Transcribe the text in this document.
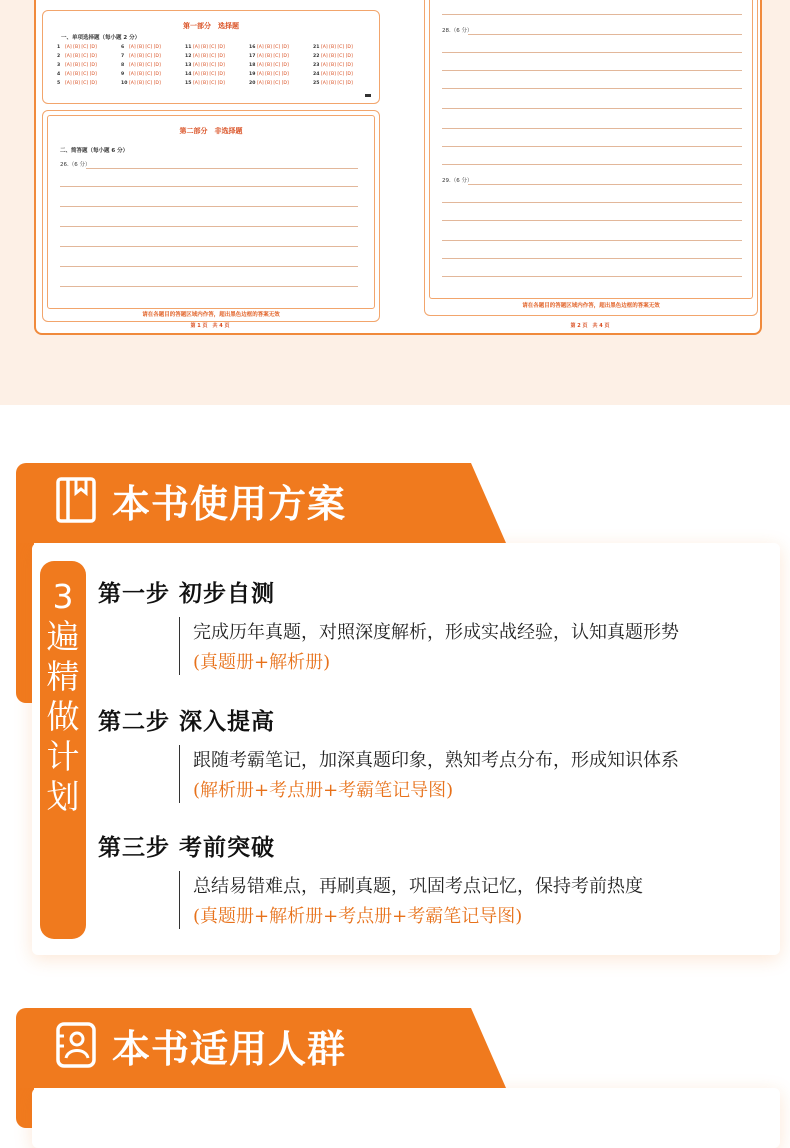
第一部分　选择题
一、单项选择题（每小题 2 分）
1 [A] [B] [C] [D]
2 [A] [B] [C] [D]
3 [A] [B] [C] [D]
4 [A] [B] [C] [D]
5 [A] [B] [C] [D]
6 [A] [B] [C] [D]
7 [A] [B] [C] [D]
8 [A] [B] [C] [D]
9 [A] [B] [C] [D]
10 [A] [B] [C] [D]
11 [A] [B] [C] [D]
12 [A] [B] [C] [D]
13 [A] [B] [C] [D]
14 [A] [B] [C] [D]
15 [A] [B] [C] [D]
16 [A] [B] [C] [D]
17 [A] [B] [C] [D]
18 [A] [B] [C] [D]
19 [A] [B] [C] [D]
20 [A] [B] [C] [D]
21 [A] [B] [C] [D]
22 [A] [B] [C] [D]
23 [A] [B] [C] [D]
24 [A] [B] [C] [D]
25 [A] [B] [C] [D]
第二部分　非选择题
二、简答题（每小题 6 分）
26.（6 分）
请在各题目的答题区域内作答，超出黑色边框的答案无效
第 1 页　共 4 页
28.（6 分）
29.（6 分）
请在各题目的答题区域内作答，超出黑色边框的答案无效
第 2 页　共 4 页
本书使用方案
3
遍
精
做
计
划
第一步 初步自测
完成历年真题，对照深度解析，形成实战经验，认知真题形势
(真题册+解析册)
第二步 深入提高
跟随考霸笔记，加深真题印象，熟知考点分布，形成知识体系
(解析册+考点册+考霸笔记导图)
第三步 考前突破
总结易错难点，再刷真题，巩固考点记忆，保持考前热度
(真题册+解析册+考点册+考霸笔记导图)
本书适用人群
